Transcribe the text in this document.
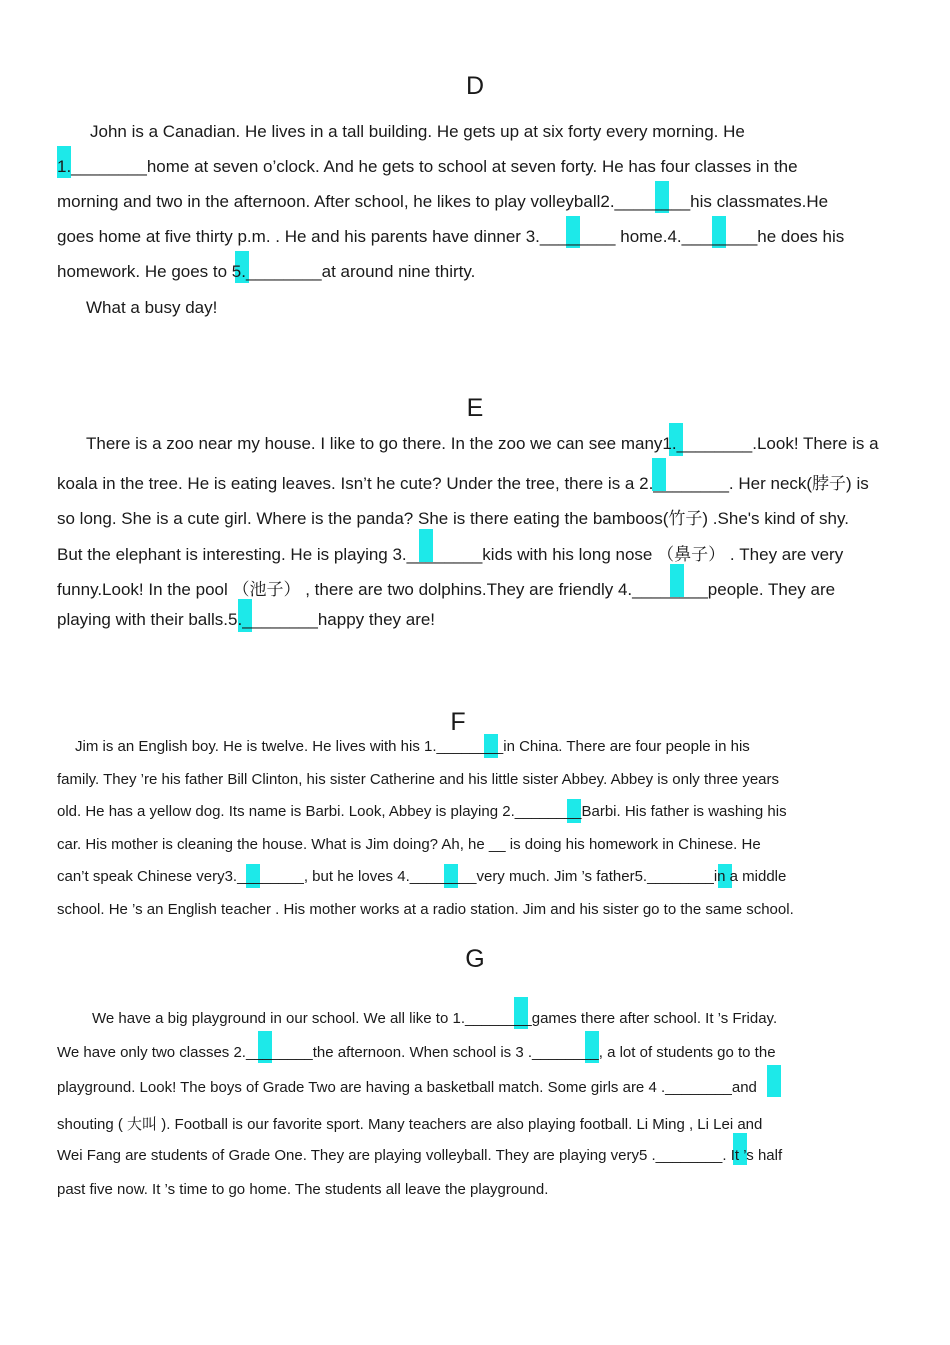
D
John is a Canadian. He lives in a tall building. He gets up at six forty every morning. He
1.________home at seven o’clock. And he gets to school at seven forty. He has four classes in the
morning and two in the afternoon. After school, he likes to play volleyball2.________his classmates.He
goes home at five thirty p.m. . He and his parents have dinner 3.________ home.4.________he does his
homework. He goes to 5.________at around nine thirty.
What a busy day!
E
There is a zoo near my house. I like to go there. In the zoo we can see many1.________.Look! There is a
koala in the tree. He is eating leaves. Isn’t he cute? Under the tree, there is a 2.________. Her neck(脖子) is
so long. She is a cute girl. Where is the panda? She is there eating the bamboos(竹子) .She's kind of shy.
But the elephant is interesting. He is playing 3.________kids with his long nose （鼻子） . They are very
funny.Look! In the pool （池子） , there are two dolphins.They are friendly 4.________people. They are
playing with their balls.5.________happy they are!
F
Jim is an English boy. He is twelve. He lives with his 1.________in China. There are four people in his
family. They ’re his father Bill Clinton, his sister Catherine and his little sister Abbey. Abbey is only three years
old. He has a yellow dog. Its name is Barbi. Look, Abbey is playing 2.________Barbi. His father is washing his
car. His mother is cleaning the house. What is Jim doing? Ah, he __ is doing his homework in Chinese. He
can’t speak Chinese very3.________, but he loves 4.________very much. Jim ’s father5.________in a middle
school. He ’s an English teacher . His mother works at a radio station. Jim and his sister go to the same school.
G
We have a big playground in our school. We all like to 1.________games there after school. It ’s Friday.
We have only two classes 2.________the afternoon. When school is 3 .________, a lot of students go to the
playground. Look! The boys of Grade Two are having a basketball match. Some girls are 4 .________and
shouting ( 大叫 ). Football is our favorite sport. Many teachers are also playing football. Li Ming , Li Lei and
Wei Fang are students of Grade One. They are playing volleyball. They are playing very5 .________. It ’s half
past five now. It ’s time to go home. The students all leave the playground.
